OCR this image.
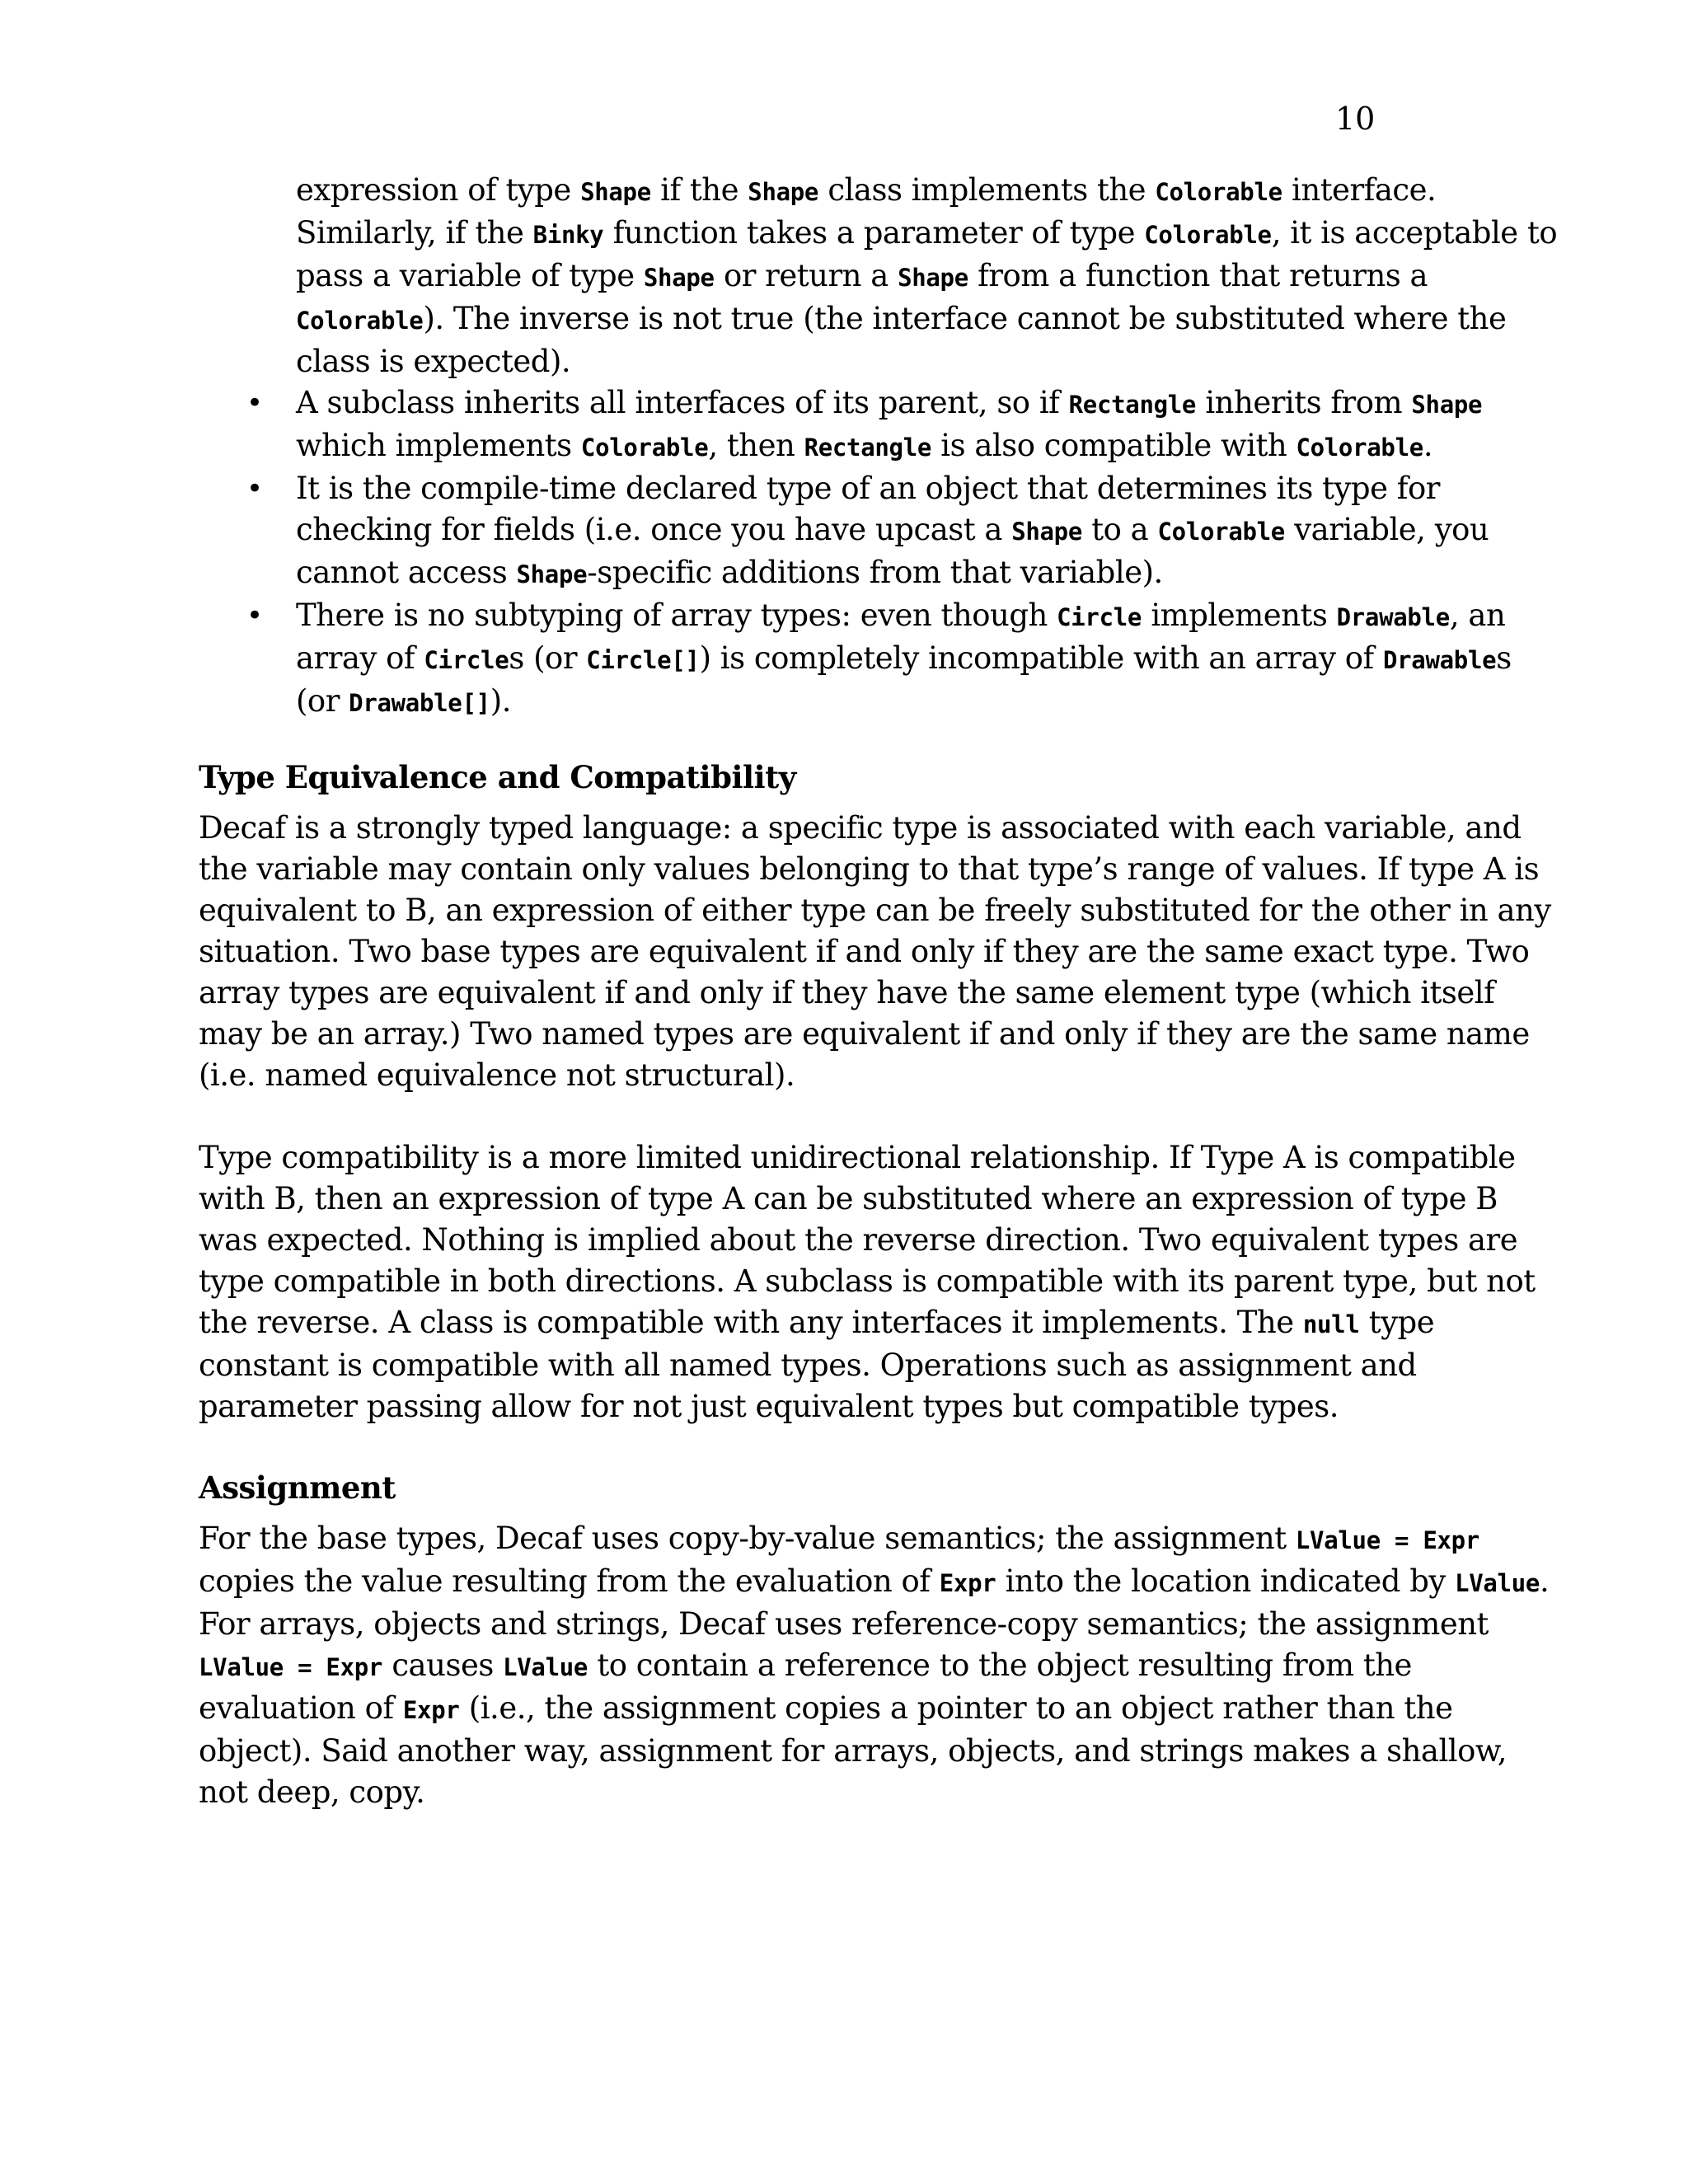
10

expression of type Shape if the Shape class implements the Colorable interface. Similarly, if the Binky function takes a parameter of type Colorable, it is acceptable to pass a variable of type Shape or return a Shape from a function that returns a Colorable). The inverse is not true (the interface cannot be substituted where the class is expected).

• A subclass inherits all interfaces of its parent, so if Rectangle inherits from Shape which implements Colorable, then Rectangle is also compatible with Colorable.

• It is the compile-time declared type of an object that determines its type for checking for fields (i.e. once you have upcast a Shape to a Colorable variable, you cannot access Shape-specific additions from that variable).

• There is no subtyping of array types: even though Circle implements Drawable, an array of Circles (or Circle[]) is completely incompatible with an array of Drawables (or Drawable[]).

Type Equivalence and Compatibility

Decaf is a strongly typed language: a specific type is associated with each variable, and the variable may contain only values belonging to that type’s range of values. If type A is equivalent to B, an expression of either type can be freely substituted for the other in any situation. Two base types are equivalent if and only if they are the same exact type. Two array types are equivalent if and only if they have the same element type (which itself may be an array.) Two named types are equivalent if and only if they are the same name (i.e. named equivalence not structural).

Type compatibility is a more limited unidirectional relationship. If Type A is compatible with B, then an expression of type A can be substituted where an expression of type B was expected. Nothing is implied about the reverse direction. Two equivalent types are type compatible in both directions. A subclass is compatible with its parent type, but not the reverse. A class is compatible with any interfaces it implements. The null type constant is compatible with all named types. Operations such as assignment and parameter passing allow for not just equivalent types but compatible types.

Assignment

For the base types, Decaf uses copy-by-value semantics; the assignment LValue = Expr copies the value resulting from the evaluation of Expr into the location indicated by LValue. For arrays, objects and strings, Decaf uses reference-copy semantics; the assignment LValue = Expr causes LValue to contain a reference to the object resulting from the evaluation of Expr (i.e., the assignment copies a pointer to an object rather than the object). Said another way, assignment for arrays, objects, and strings makes a shallow, not deep, copy.
